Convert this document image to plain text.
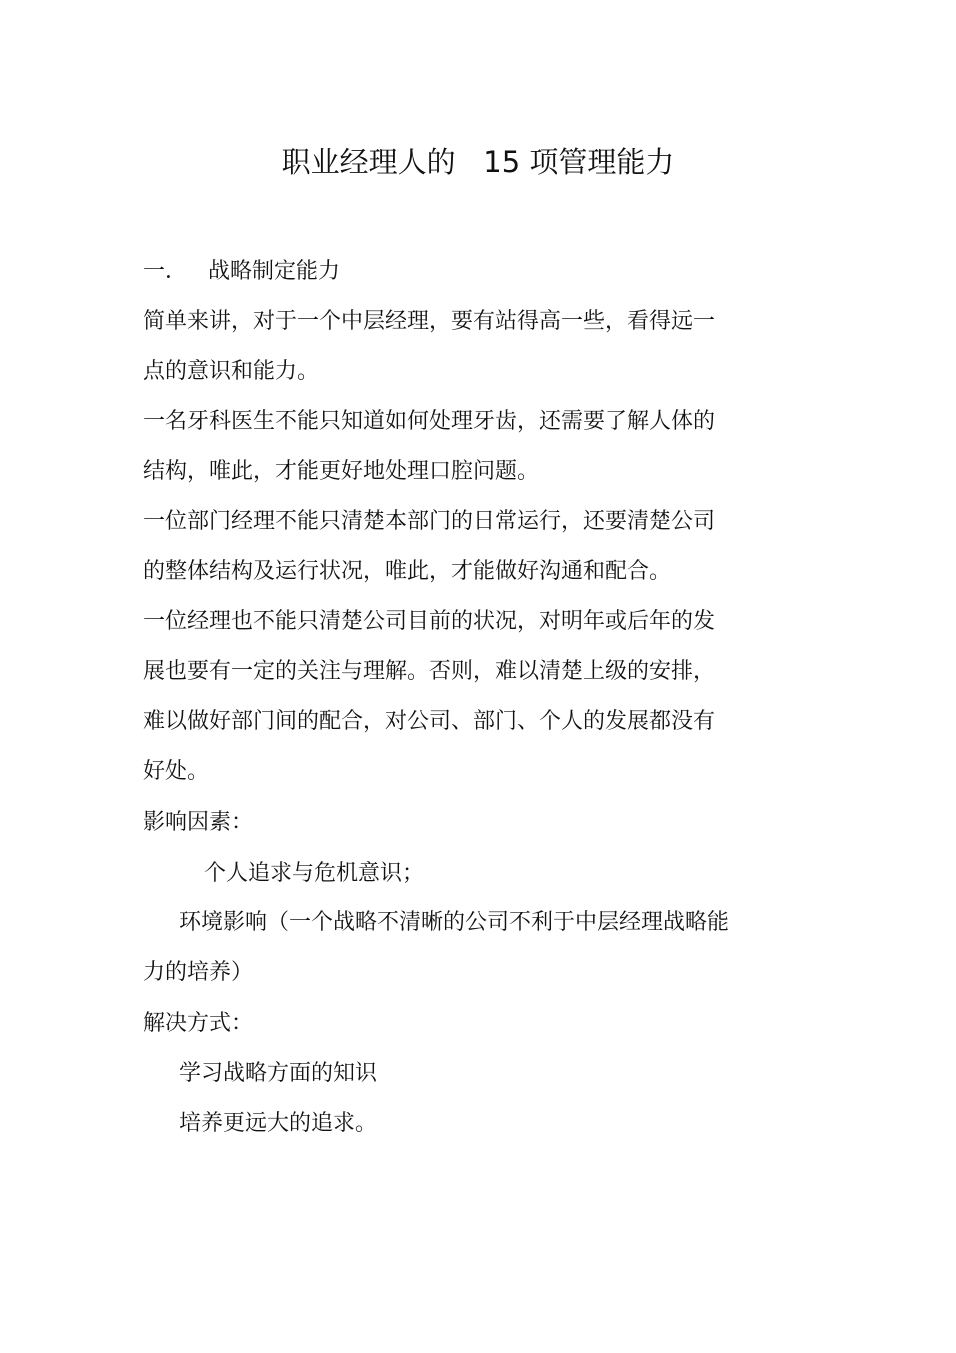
职业经理人的   15 项管理能力
一．   战略制定能力
简单来讲，对于一个中层经理，要有站得高一些，看得远一
点的意识和能力。
一名牙科医生不能只知道如何处理牙齿，还需要了解人体的
结构，唯此，才能更好地处理口腔问题。
一位部门经理不能只清楚本部门的日常运行，还要清楚公司
的整体结构及运行状况，唯此，才能做好沟通和配合。
一位经理也不能只清楚公司目前的状况，对明年或后年的发
展也要有一定的关注与理解。否则，难以清楚上级的安排，
难以做好部门间的配合，对公司、部门、个人的发展都没有
好处。
影响因素：
个人追求与危机意识；
环境影响（一个战略不清晰的公司不利于中层经理战略能
力的培养）
解决方式：
学习战略方面的知识
培养更远大的追求。
